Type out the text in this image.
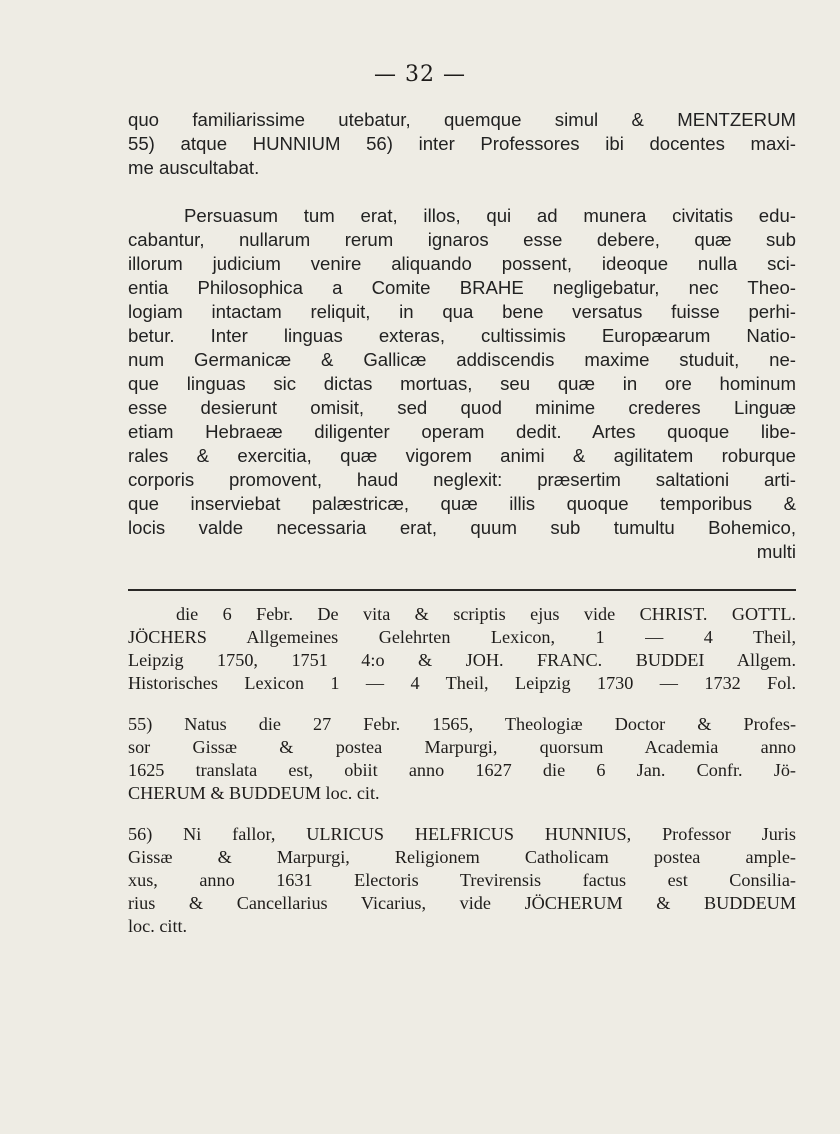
— 32 —
quo familiarissime utebatur, quemque simul & MENTZERUM
55) atque HUNNIUM 56) inter Professores ibi docentes maxi-
me auscultabat.
Persuasum tum erat, illos, qui ad munera civitatis edu-
cabantur, nullarum rerum ignaros esse debere, quæ sub
illorum judicium venire aliquando possent, ideoque nulla sci-
entia Philosophica a Comite BRAHE negligebatur, nec Theo-
logiam intactam reliquit, in qua bene versatus fuisse perhi-
betur. Inter linguas exteras, cultissimis Europæarum Natio-
num Germanicæ & Gallicæ addiscendis maxime studuit, ne-
que linguas sic dictas mortuas, seu quæ in ore hominum
esse desierunt omisit, sed quod minime crederes Linguæ
etiam Hebraeæ diligenter operam dedit. Artes quoque libe-
rales & exercitia, quæ vigorem animi & agilitatem roburque
corporis promovent, haud neglexit: præsertim saltationi arti-
que inserviebat palæstricæ, quæ illis quoque temporibus &
locis valde necessaria erat, quum sub tumultu Bohemico,
multi
die 6 Febr. De vita & scriptis ejus vide CHRIST. GOTTL.
JÖCHERS Allgemeines Gelehrten Lexicon, 1 — 4 Theil,
Leipzig 1750, 1751 4:o & JOH. FRANC. BUDDEI Allgem.
Historisches Lexicon 1 — 4 Theil, Leipzig 1730 — 1732 Fol.
55) Natus die 27 Febr. 1565, Theologiæ Doctor & Profes-
sor Gissæ & postea Marpurgi, quorsum Academia anno
1625 translata est, obiit anno 1627 die 6 Jan. Confr. Jö-
CHERUM & BUDDEUM loc. cit.
56) Ni fallor, ULRICUS HELFRICUS HUNNIUS, Professor Juris
Gissæ & Marpurgi, Religionem Catholicam postea ample-
xus, anno 1631 Electoris Trevirensis factus est Consilia-
rius & Cancellarius Vicarius, vide JÖCHERUM & BUDDEUM
loc. citt.
